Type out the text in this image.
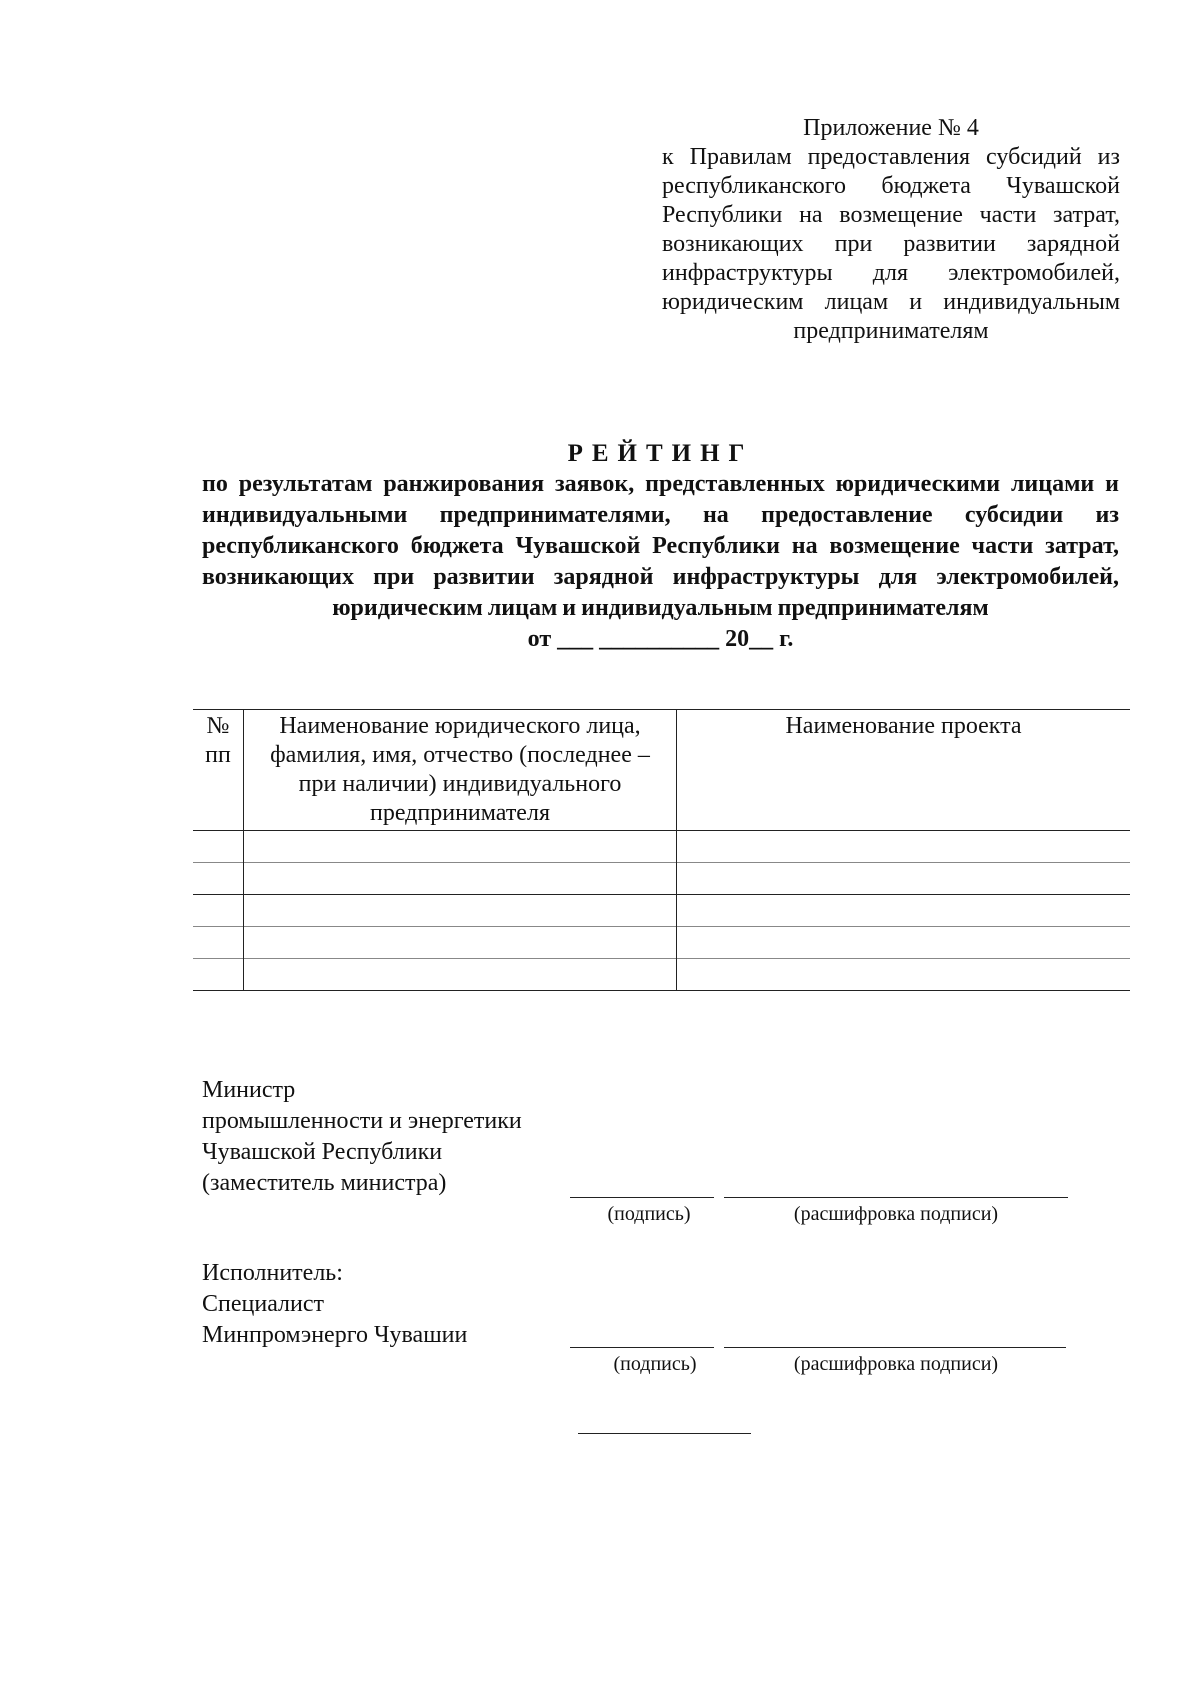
Приложение № 4
к Правилам предоставления субсидий из республиканского бюджета Чувашской Республики на возмещение части затрат, возникающих при развитии зарядной инфраструктуры для электромобилей, юридическим лицам и индивидуальным предпринимателям
РЕЙТИНГ
по результатам ранжирования заявок, представленных юридическими лицами и индивидуальными предпринимателями, на предоставление субсидии из республиканского бюджета Чувашской Республики на возмещение части затрат, возникающих при развитии зарядной инфраструктуры для электромобилей, юридическим лицам и индивидуальным предпринимателям
от ___ __________ 20__ г.
№ пп	Наименование юридического лица, фамилия, имя, отчество (последнее – при наличии) индивидуального предпринимателя	Наименование проекта

Министр
промышленности и энергетики
Чувашской Республики
(заместитель министра)
(подпись)	(расшифровка подписи)
Исполнитель:
Специалист
Минпромэнерго Чувашии
(подпись)	(расшифровка подписи)
